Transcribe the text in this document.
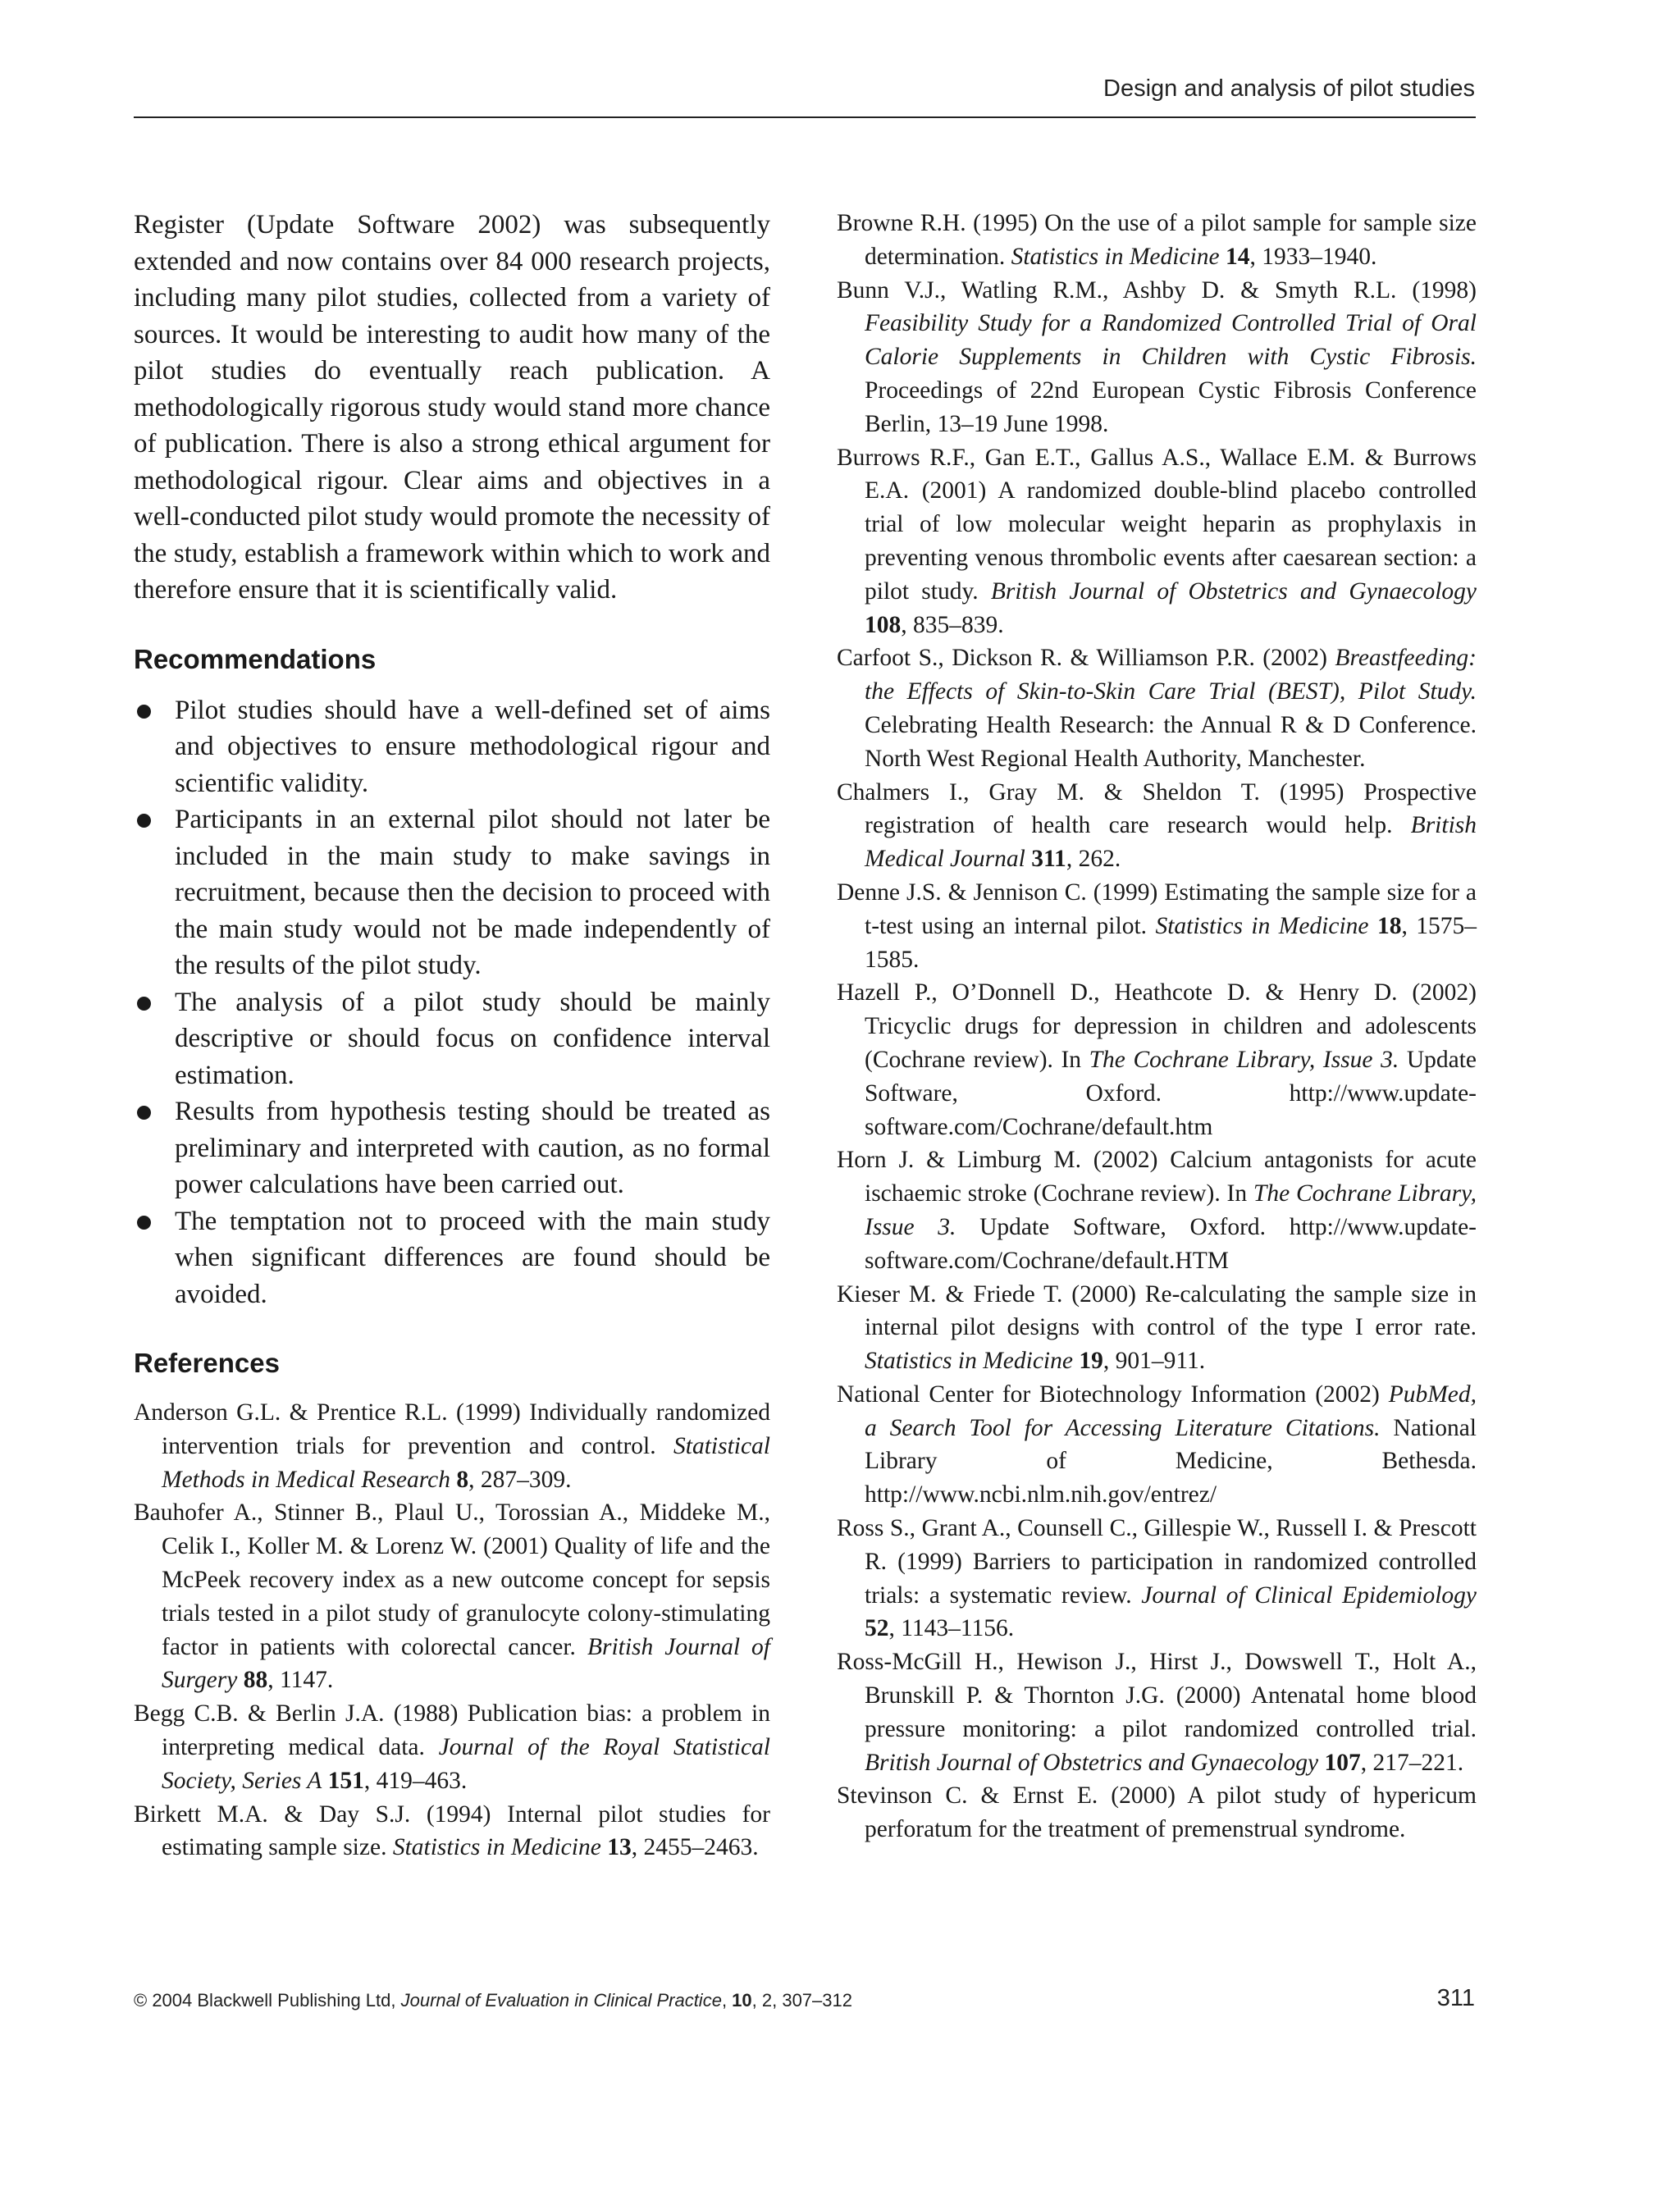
Design and analysis of pilot studies

Register (Update Software 2002) was subsequently extended and now contains over 84 000 research projects, including many pilot studies, collected from a variety of sources. It would be interesting to audit how many of the pilot studies do eventually reach publication. A methodologically rigorous study would stand more chance of publication. There is also a strong ethical argument for methodological rigour. Clear aims and objectives in a well-conducted pilot study would promote the necessity of the study, establish a framework within which to work and therefore ensure that it is scientifically valid.

Recommendations
Pilot studies should have a well-defined set of aims and objectives to ensure methodological rigour and scientific validity.
Participants in an external pilot should not later be included in the main study to make savings in recruitment, because then the decision to proceed with the main study would not be made independently of the results of the pilot study.
The analysis of a pilot study should be mainly descriptive or should focus on confidence interval estimation.
Results from hypothesis testing should be treated as preliminary and interpreted with caution, as no formal power calculations have been carried out.
The temptation not to proceed with the main study when significant differences are found should be avoided.
References

Anderson G.L. & Prentice R.L. (1999) Individually randomized intervention trials for prevention and control. Statistical Methods in Medical Research 8, 287–309.

Bauhofer A., Stinner B., Plaul U., Torossian A., Middeke M., Celik I., Koller M. & Lorenz W. (2001) Quality of life and the McPeek recovery index as a new outcome concept for sepsis trials tested in a pilot study of granulocyte colony-stimulating factor in patients with colorectal cancer. British Journal of Surgery 88, 1147.

Begg C.B. & Berlin J.A. (1988) Publication bias: a problem in interpreting medical data. Journal of the Royal Statistical Society, Series A 151, 419–463.

Birkett M.A. & Day S.J. (1994) Internal pilot studies for estimating sample size. Statistics in Medicine 13, 2455–2463.

Browne R.H. (1995) On the use of a pilot sample for sample size determination. Statistics in Medicine 14, 1933–1940.

Bunn V.J., Watling R.M., Ashby D. & Smyth R.L. (1998) Feasibility Study for a Randomized Controlled Trial of Oral Calorie Supplements in Children with Cystic Fibrosis. Proceedings of 22nd European Cystic Fibrosis Conference Berlin, 13–19 June 1998.

Burrows R.F., Gan E.T., Gallus A.S., Wallace E.M. & Burrows E.A. (2001) A randomized double-blind placebo controlled trial of low molecular weight heparin as prophylaxis in preventing venous thrombolic events after caesarean section: a pilot study. British Journal of Obstetrics and Gynaecology 108, 835–839.

Carfoot S., Dickson R. & Williamson P.R. (2002) Breastfeeding: the Effects of Skin-to-Skin Care Trial (BEST), Pilot Study. Celebrating Health Research: the Annual R & D Conference. North West Regional Health Authority, Manchester.

Chalmers I., Gray M. & Sheldon T. (1995) Prospective registration of health care research would help. British Medical Journal 311, 262.

Denne J.S. & Jennison C. (1999) Estimating the sample size for a t-test using an internal pilot. Statistics in Medicine 18, 1575–1585.

Hazell P., O’Donnell D., Heathcote D. & Henry D. (2002) Tricyclic drugs for depression in children and adolescents (Cochrane review). In The Cochrane Library, Issue 3. Update Software, Oxford. http://www.update-software.com/Cochrane/default.htm

Horn J. & Limburg M. (2002) Calcium antagonists for acute ischaemic stroke (Cochrane review). In The Cochrane Library, Issue 3. Update Software, Oxford. http://www.update-software.com/Cochrane/default.HTM

Kieser M. & Friede T. (2000) Re-calculating the sample size in internal pilot designs with control of the type I error rate. Statistics in Medicine 19, 901–911.

National Center for Biotechnology Information (2002) PubMed, a Search Tool for Accessing Literature Citations. National Library of Medicine, Bethesda. http://www.ncbi.nlm.nih.gov/entrez/

Ross S., Grant A., Counsell C., Gillespie W., Russell I. & Prescott R. (1999) Barriers to participation in randomized controlled trials: a systematic review. Journal of Clinical Epidemiology 52, 1143–1156.

Ross-McGill H., Hewison J., Hirst J., Dowswell T., Holt A., Brunskill P. & Thornton J.G. (2000) Antenatal home blood pressure monitoring: a pilot randomized controlled trial. British Journal of Obstetrics and Gynaecology 107, 217–221.

Stevinson C. & Ernst E. (2000) A pilot study of hypericum perforatum for the treatment of premenstrual syndrome.

© 2004 Blackwell Publishing Ltd, Journal of Evaluation in Clinical Practice, 10, 2, 307–312	311
